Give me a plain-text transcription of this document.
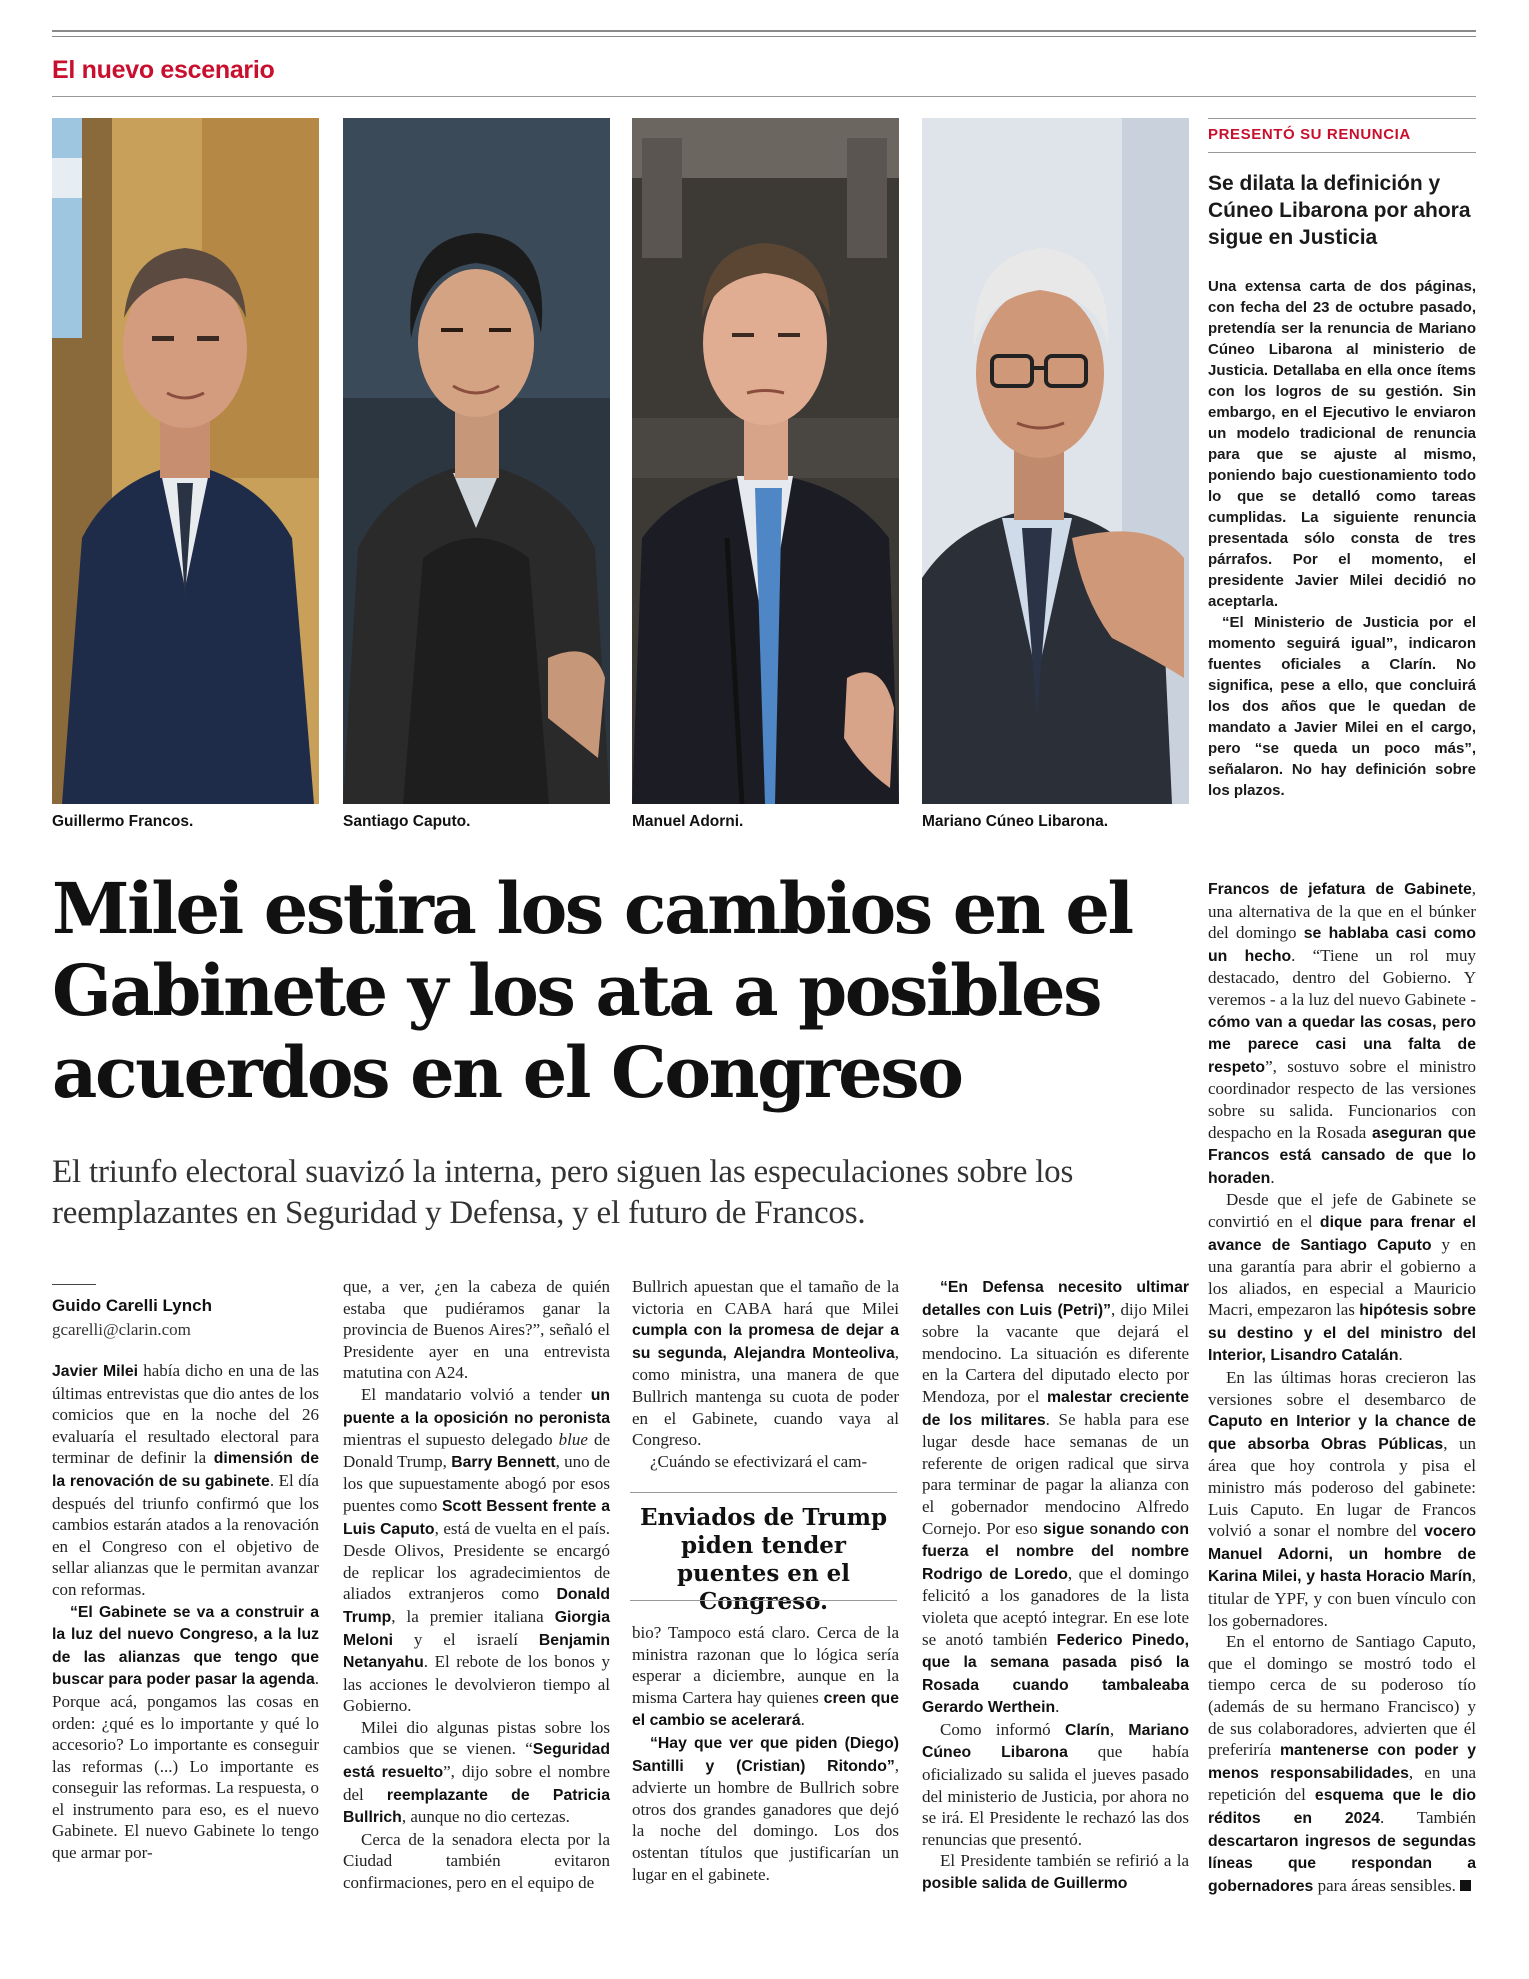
El nuevo escenario
Guillermo Francos.	Santiago Caputo.	Manuel Adorni.	Mariano Cúneo Libarona.
PRESENTÓ SU RENUNCIA
Se dilata la definición y Cúneo Libarona por ahora sigue en Justicia

Una extensa carta de dos páginas, con fecha del 23 de octubre pasado, pretendía ser la renuncia de Mariano Cúneo Libarona al ministerio de Justicia. Detallaba en ella once ítems con los logros de su gestión. Sin embargo, en el Ejecutivo le enviaron un modelo tradicional de renuncia para que se ajuste al mismo, poniendo bajo cuestionamiento todo lo que se detalló como tareas cumplidas. La siguiente renuncia presentada sólo consta de tres párrafos. Por el momento, el presidente Javier Milei decidió no aceptarla.

“El Ministerio de Justicia por el momento seguirá igual”, indicaron fuentes oficiales a Clarín. No significa, pese a ello, que concluirá los dos años que le quedan de mandato a Javier Milei en el cargo, pero “se queda un poco más”, señalaron. No hay definición sobre los plazos.

Milei estira los cambios en el Gabinete y los ata a posibles acuerdos en el Congreso
El triunfo electoral suavizó la interna, pero siguen las especulaciones sobre los reemplazantes en Seguridad y Defensa, y el futuro de Francos.
Guido Carelli Lynch
gcarelli@clarin.com

Javier Milei había dicho en una de las últimas entrevistas que dio antes de los comicios que en la noche del 26 evaluaría el resultado electoral para terminar de definir la dimensión de la renovación de su gabinete. El día después del triunfo confirmó que los cambios estarán atados a la renovación en el Congreso con el objetivo de sellar alianzas que le permitan avanzar con reformas.

“El Gabinete se va a construir a la luz del nuevo Congreso, a la luz de las alianzas que tengo que buscar para poder pasar la agenda. Porque acá, pongamos las cosas en orden: ¿qué es lo importante y qué lo accesorio? Lo importante es conseguir las reformas (...) Lo importante es conseguir las reformas. La respuesta, o el instrumento para eso, es el nuevo Gabinete. El nuevo Gabinete lo tengo que armar por-

que, a ver, ¿en la cabeza de quién estaba que pudiéramos ganar la provincia de Buenos Aires?”, señaló el Presidente ayer en una entrevista matutina con A24.

El mandatario volvió a tender un puente a la oposición no peronista mientras el supuesto delegado blue de Donald Trump, Barry Bennett, uno de los que supuestamente abogó por esos puentes como Scott Bessent frente a Luis Caputo, está de vuelta en el país. Desde Olivos, Presidente se encargó de replicar los agradecimientos de aliados extranjeros como Donald Trump, la premier italiana Giorgia Meloni y el israelí Benjamin Netanyahu. El rebote de los bonos y las acciones le devolvieron tiempo al Gobierno.

Milei dio algunas pistas sobre los cambios que se vienen. “Seguridad está resuelto”, dijo sobre el nombre del reemplazante de Patricia Bullrich, aunque no dio certezas.

Cerca de la senadora electa por la Ciudad también evitaron confirmaciones, pero en el equipo de

Bullrich apuestan que el tamaño de la victoria en CABA hará que Milei cumpla con la promesa de dejar a su segunda, Alejandra Monteoliva, como ministra, una manera de que Bullrich mantenga su cuota de poder en el Gabinete, cuando vaya al Congreso.

¿Cuándo se efectivizará el cam-

Enviados de Trump piden tender puentes en el Congreso.

bio? Tampoco está claro. Cerca de la ministra razonan que lo lógica sería esperar a diciembre, aunque en la misma Cartera hay quienes creen que el cambio se acelerará.

“Hay que ver que piden (Diego) Santilli y (Cristian) Ritondo”, advierte un hombre de Bullrich sobre otros dos grandes ganadores que dejó la noche del domingo. Los dos ostentan títulos que justificarían un lugar en el gabinete.

“En Defensa necesito ultimar detalles con Luis (Petri)”, dijo Milei sobre la vacante que dejará el mendocino. La situación es diferente en la Cartera del diputado electo por Mendoza, por el malestar creciente de los militares. Se habla para ese lugar desde hace semanas de un referente de origen radical que sirva para terminar de pagar la alianza con el gobernador mendocino Alfredo Cornejo. Por eso sigue sonando con fuerza el nombre del nombre Rodrigo de Loredo, que el domingo felicitó a los ganadores de la lista violeta que aceptó integrar. En ese lote se anotó también Federico Pinedo, que la semana pasada pisó la Rosada cuando tambaleaba Gerardo Werthein.

Como informó Clarín, Mariano Cúneo Libarona que había oficializado su salida el jueves pasado del ministerio de Justicia, por ahora no se irá. El Presidente le rechazó las dos renuncias que presentó.

El Presidente también se refirió a la posible salida de Guillermo

Francos de jefatura de Gabinete, una alternativa de la que en el búnker del domingo se hablaba casi como un hecho. “Tiene un rol muy destacado, dentro del Gobierno. Y veremos - a la luz del nuevo Gabinete - cómo van a quedar las cosas, pero me parece casi una falta de respeto”, sostuvo sobre el ministro coordinador respecto de las versiones sobre su salida. Funcionarios con despacho en la Rosada aseguran que Francos está cansado de que lo horaden.

Desde que el jefe de Gabinete se convirtió en el dique para frenar el avance de Santiago Caputo y en una garantía para abrir el gobierno a los aliados, en especial a Mauricio Macri, empezaron las hipótesis sobre su destino y el del ministro del Interior, Lisandro Catalán.

En las últimas horas crecieron las versiones sobre el desembarco de Caputo en Interior y la chance de que absorba Obras Públicas, un área que hoy controla y pisa el ministro más poderoso del gabinete: Luis Caputo. En lugar de Francos volvió a sonar el nombre del vocero Manuel Adorni, un hombre de Karina Milei, y hasta Horacio Marín, titular de YPF, y con buen vínculo con los gobernadores.

En el entorno de Santiago Caputo, que el domingo se mostró todo el tiempo cerca de su poderoso tío (además de su hermano Francisco) y de sus colaboradores, advierten que él preferiría mantenerse con poder y menos responsabilidades, en una repetición del esquema que le dio réditos en 2024. También descartaron ingresos de segundas líneas que respondan a gobernadores para áreas sensibles.
